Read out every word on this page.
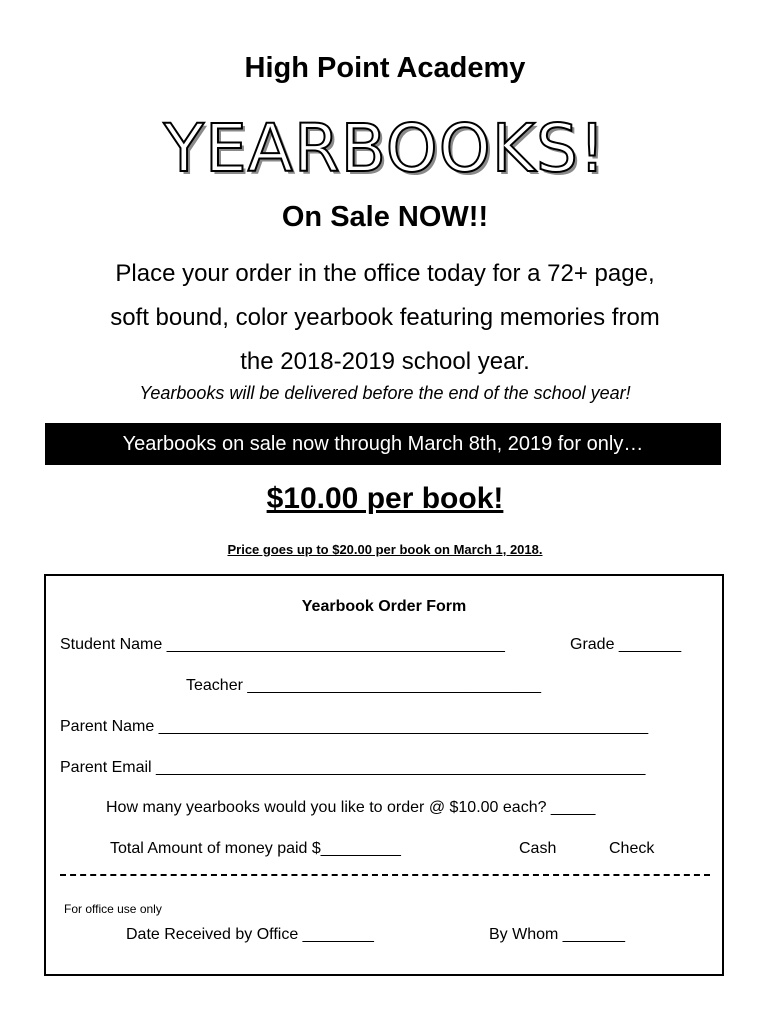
High Point Academy
YEARBOOKS!
On Sale NOW!!
Place your order in the office today for a 72+ page, soft bound, color yearbook featuring memories from the 2018-2019 school year.
Yearbooks will be delivered before the end of the school year!
Yearbooks on sale now through March 8th, 2019 for only…
$10.00 per book!
Price goes up to $20.00 per book on March 1, 2018.
Yearbook Order Form
Student Name ______________________________________	Grade _______
Teacher _________________________________
Parent Name _______________________________________________________
Parent Email _______________________________________________________
How many yearbooks would you like to order @ $10.00 each? _____
Total Amount of money paid $_________	Cash	Check
For office use only
Date Received by Office ________	By Whom _______
